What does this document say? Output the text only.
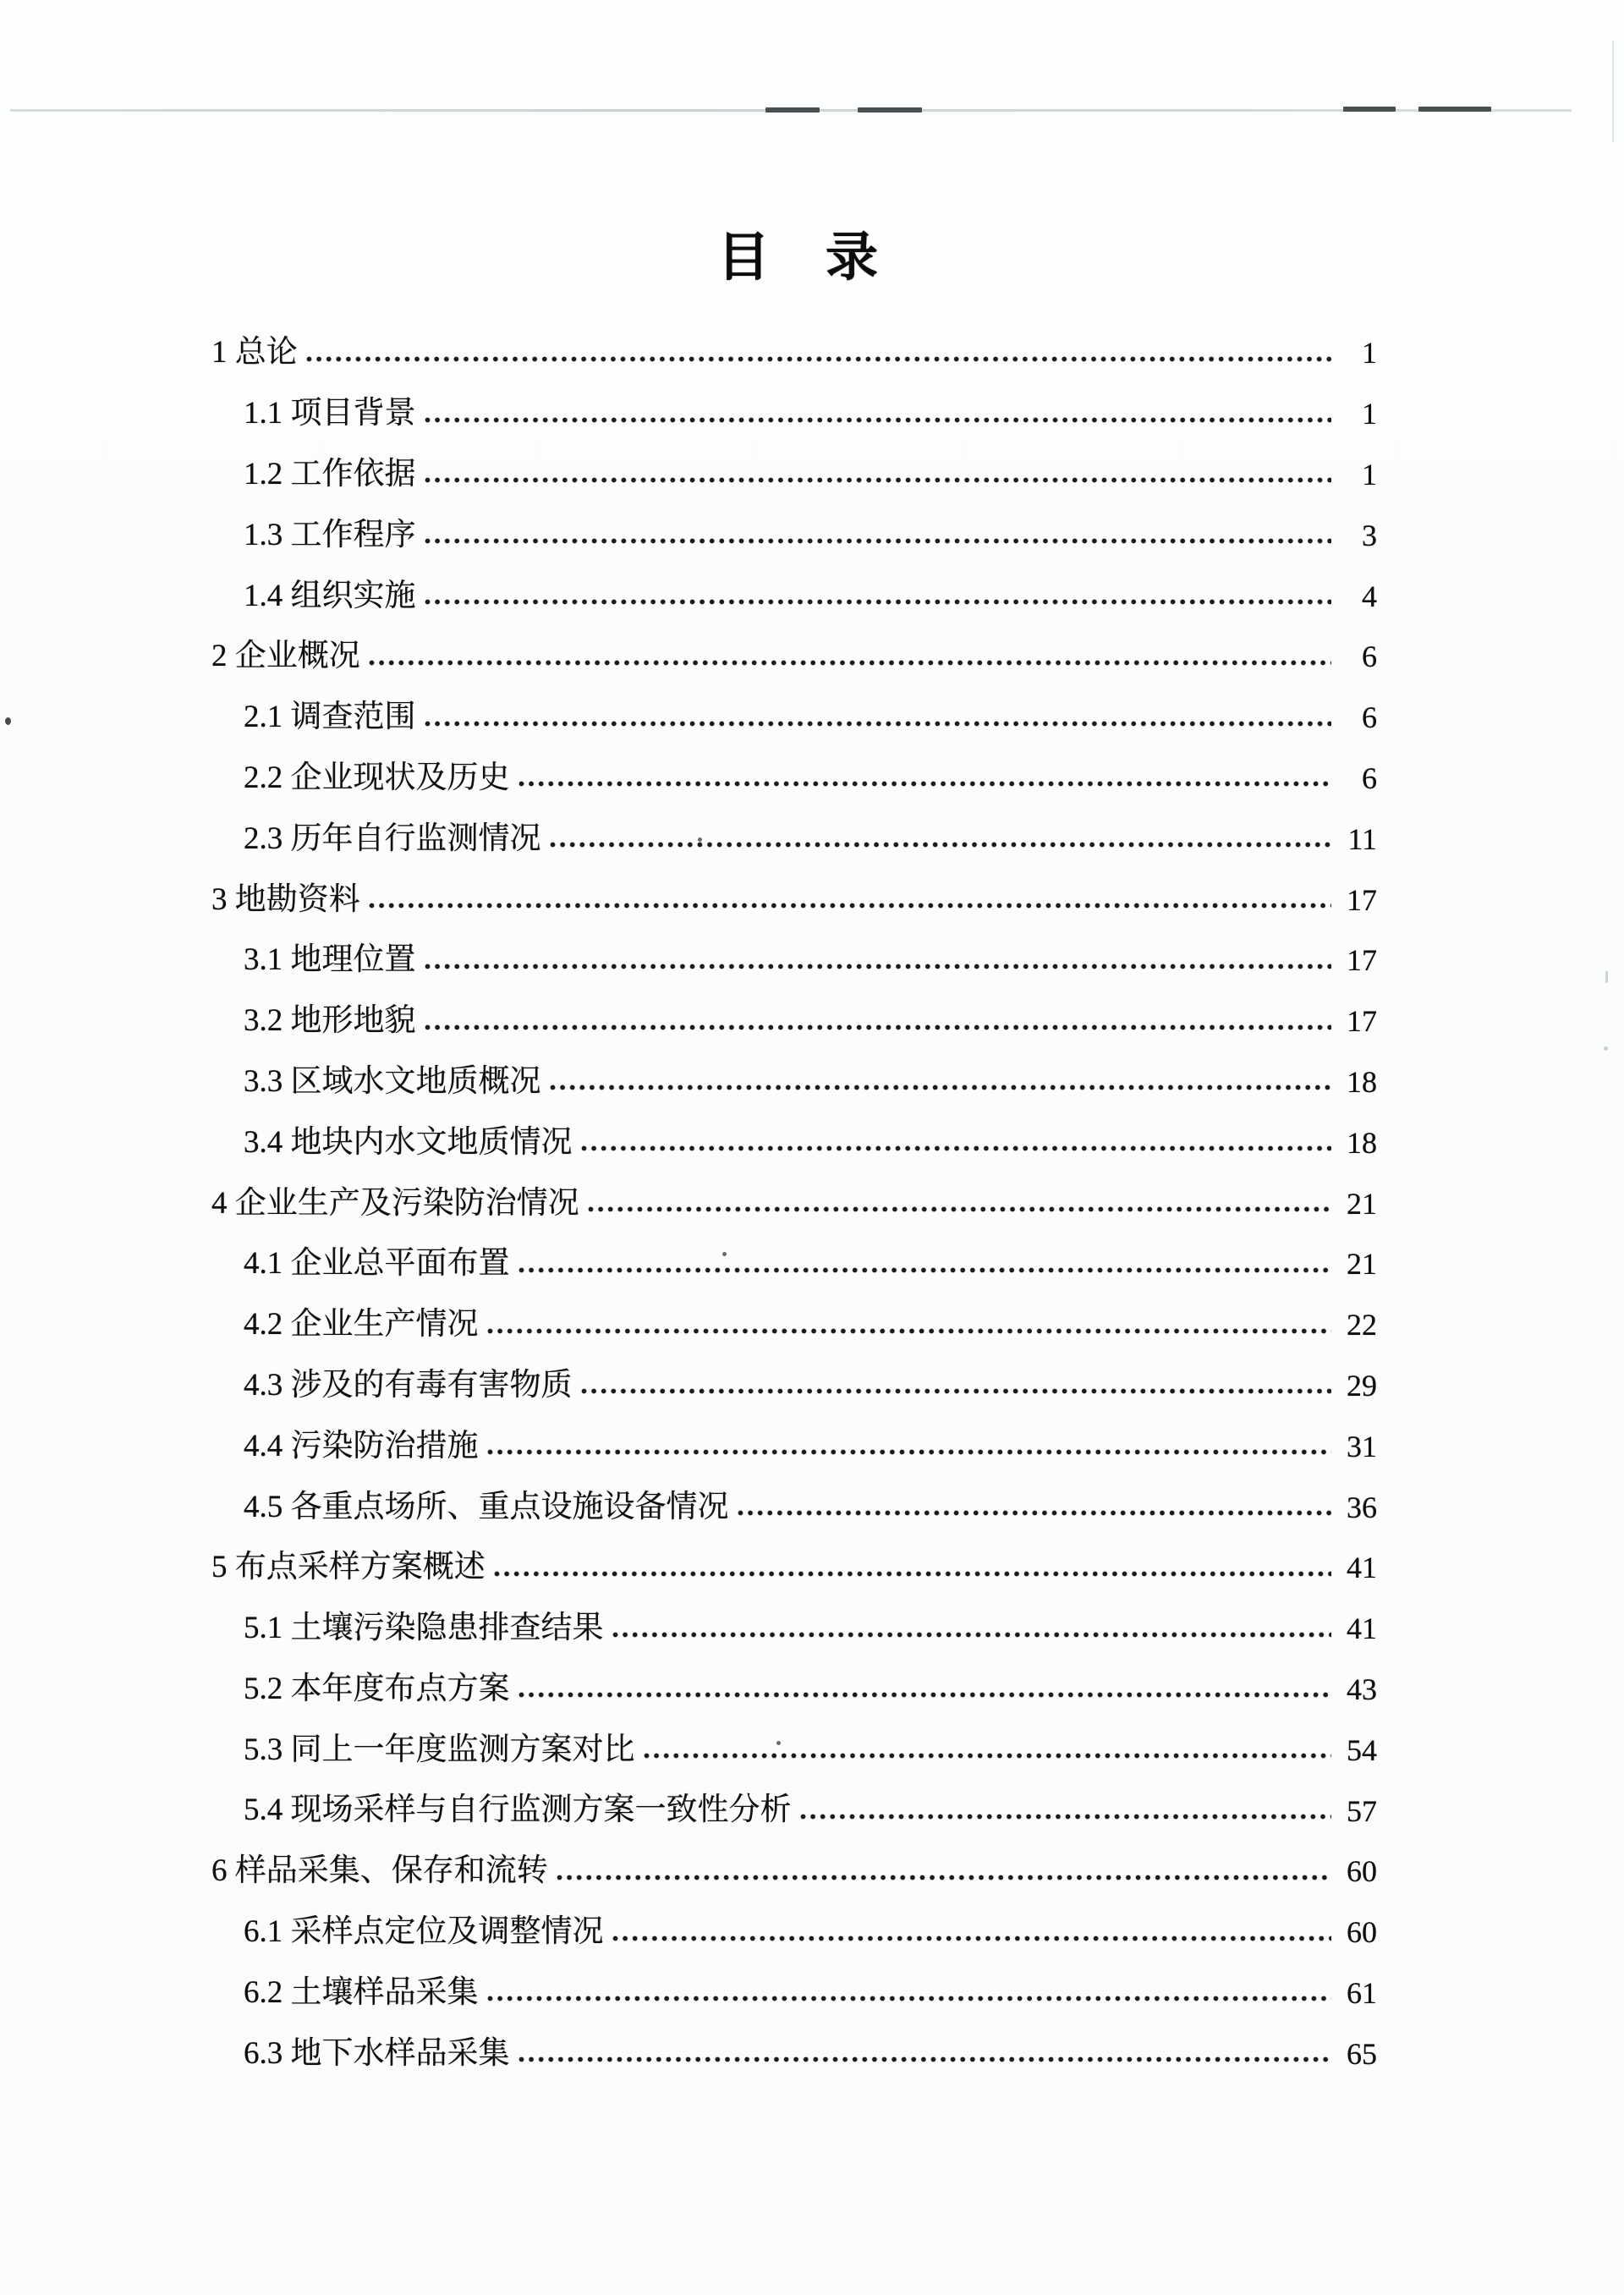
目　录
1 总论	1
1.1 项目背景	1
1.2 工作依据	1
1.3 工作程序	3
1.4 组织实施	4
2 企业概况	6
2.1 调查范围	6
2.2 企业现状及历史	6
2.3 历年自行监测情况	11
3 地勘资料	17
3.1 地理位置	17
3.2 地形地貌	17
3.3 区域水文地质概况	18
3.4 地块内水文地质情况	18
4 企业生产及污染防治情况	21
4.1 企业总平面布置	21
4.2 企业生产情况	22
4.3 涉及的有毒有害物质	29
4.4 污染防治措施	31
4.5 各重点场所、重点设施设备情况	36
5 布点采样方案概述	41
5.1 土壤污染隐患排查结果	41
5.2 本年度布点方案	43
5.3 同上一年度监测方案对比	54
5.4 现场采样与自行监测方案一致性分析	57
6 样品采集、保存和流转	60
6.1 采样点定位及调整情况	60
6.2 土壤样品采集	61
6.3 地下水样品采集	65
